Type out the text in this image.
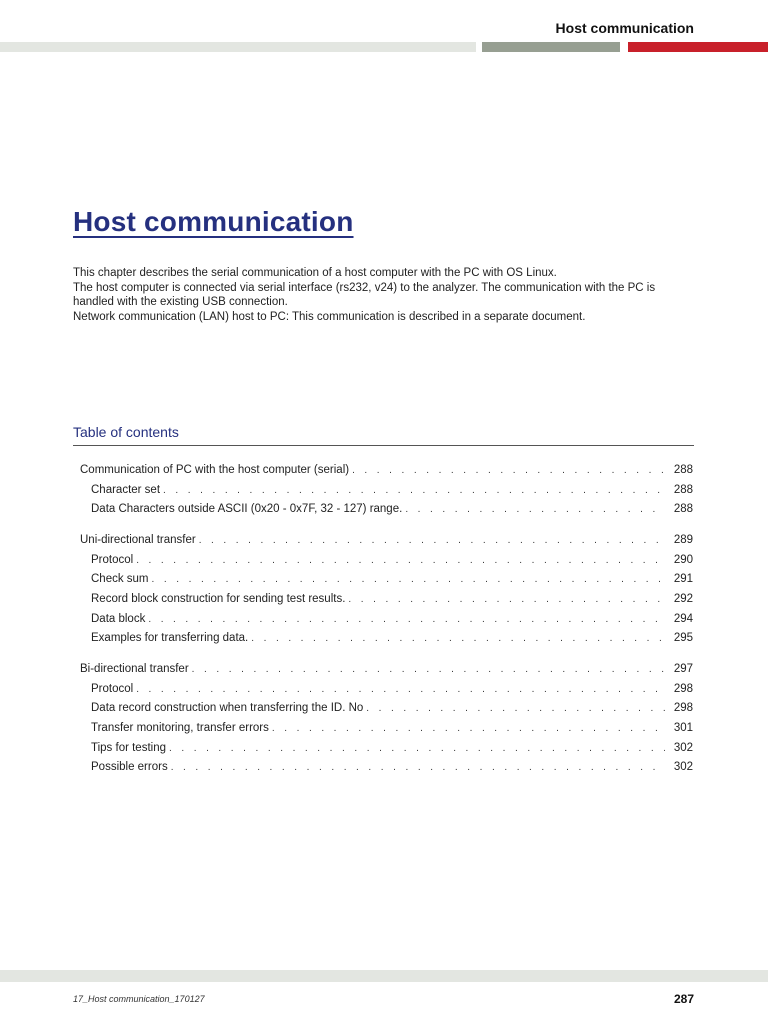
Host communication
Host communication

This chapter describes the serial communication of a host computer with the PC with OS Linux.

The host computer is connected via serial interface (rs232, v24) to the analyzer. The communication with the PC is handled with the existing USB connection.

Network communication (LAN) host to PC: This communication is described in a separate document.

Table of contents
Communication of PC with the host computer (serial) . . .	288
Character set . . .	288
Data Characters outside ASCII (0x20 - 0x7F, 32 - 127) range. . . .	288
Uni-directional transfer . . .	289
Protocol . . .	290
Check sum . . .	291
Record block construction for sending test results. . . .	292
Data block . . .	294
Examples for transferring data. . . .	295
Bi-directional transfer . . .	297
Protocol . . .	298
Data record construction when transferring the ID. No . . .	298
Transfer monitoring, transfer errors . . .	301
Tips for testing . . .	302
Possible errors . . .	302
17_Host communication_170127	287
